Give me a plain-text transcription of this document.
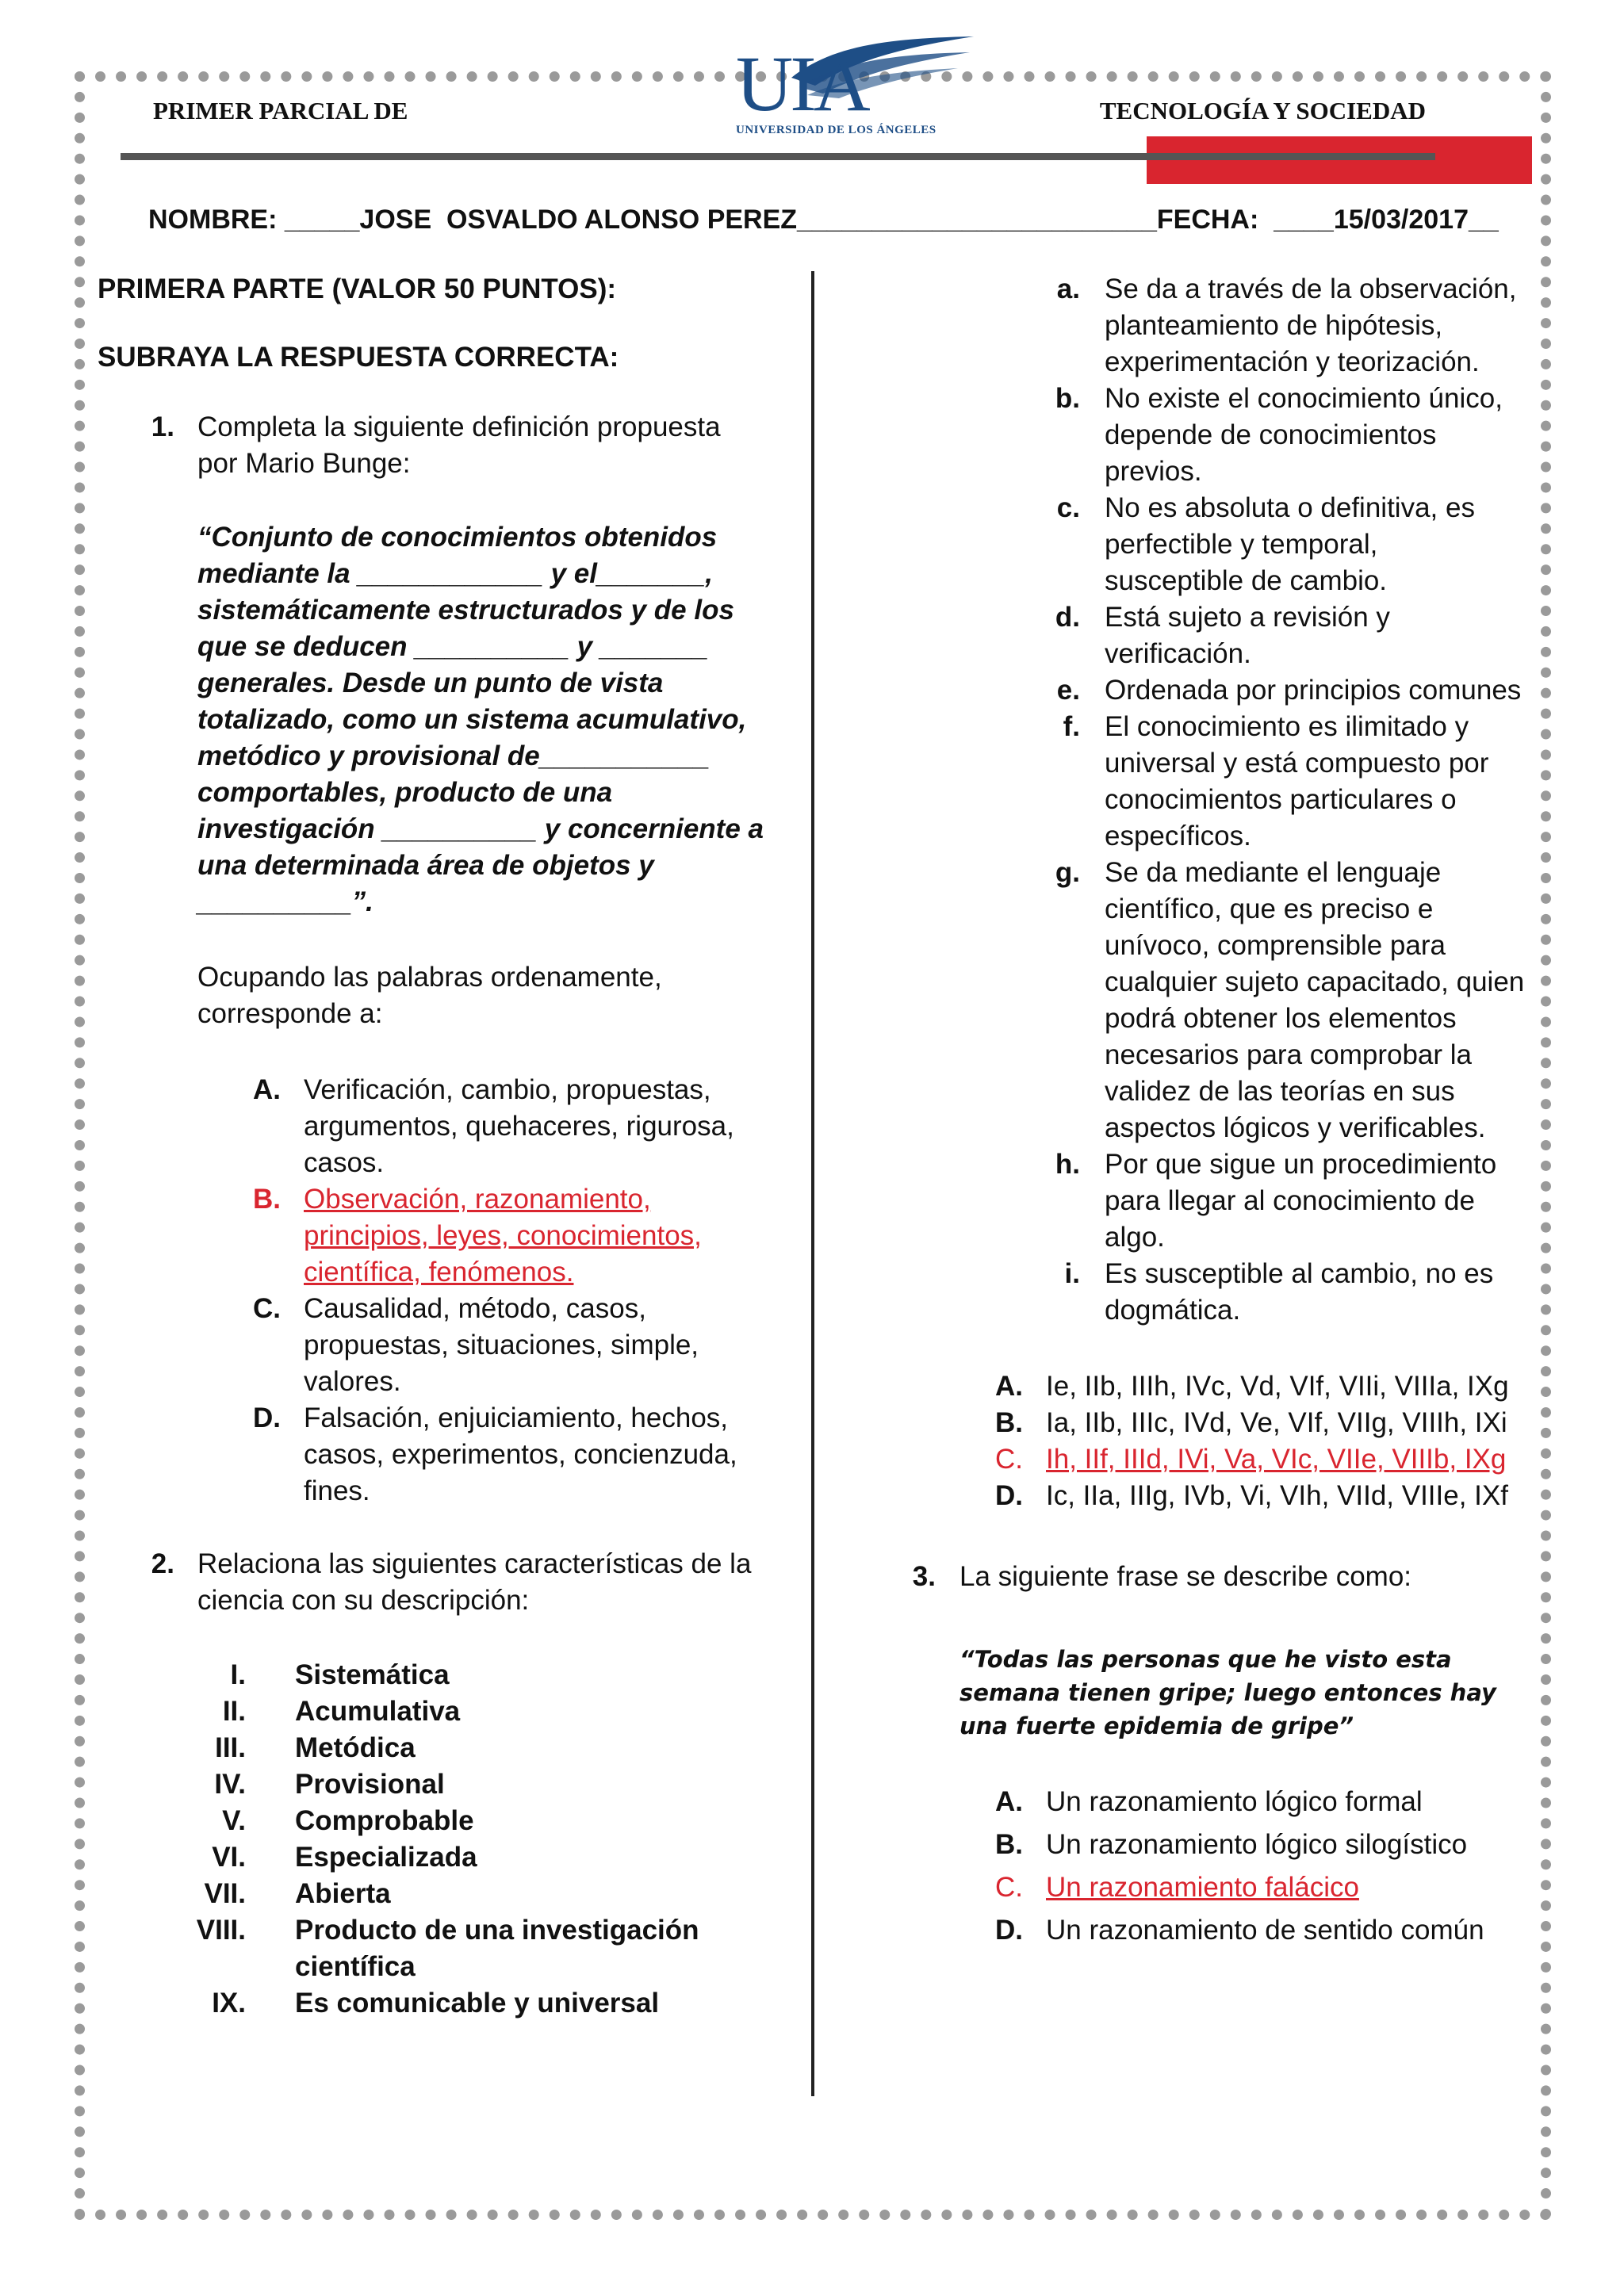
PRIMER PARCIAL DE	UIA
UNIVERSIDAD DE LOS ÁNGELES
TECNOLOGÍA Y SOCIEDAD
NOMBRE: _____JOSE  OSVALDO ALONSO PEREZ________________________FECHA:  ____15/03/2017__
PRIMERA PARTE (VALOR 50 PUNTOS):
SUBRAYA LA RESPUESTA CORRECTA:
1. Completa la siguiente definición propuesta por Mario Bunge:
“Conjunto de conocimientos obtenidos mediante la ____________ y el_______, sistemáticamente estructurados y de los que se deducen __________ y _______ generales. Desde un punto de vista totalizado, como un sistema acumulativo, metódico y provisional de___________ comportables, producto de una investigación __________ y concerniente a una determinada área de objetos y __________”.
Ocupando las palabras ordenamente, corresponde a:
A. Verificación, cambio, propuestas, argumentos, quehaceres, rigurosa, casos.
B. Observación, razonamiento, principios, leyes, conocimientos, científica, fenómenos.
C. Causalidad, método, casos, propuestas, situaciones, simple, valores.
D. Falsación, enjuiciamiento, hechos, casos, experimentos, concienzuda, fines.
2. Relaciona las siguientes características de la ciencia con su descripción:
I. Sistemática
II. Acumulativa
III. Metódica
IV. Provisional
V. Comprobable
VI. Especializada
VII. Abierta
VIII. Producto de una investigación científica
IX. Es comunicable y universal
a. Se da a través de la observación, planteamiento de hipótesis, experimentación y teorización.
b. No existe el conocimiento único, depende de conocimientos previos.
c. No es absoluta o definitiva, es perfectible y temporal, susceptible de cambio.
d. Está sujeto a revisión y verificación.
e. Ordenada por principios comunes
f. El conocimiento es ilimitado y universal y está compuesto por conocimientos particulares o específicos.
g. Se da mediante el lenguaje científico, que es preciso e unívoco, comprensible para cualquier sujeto capacitado, quien podrá obtener los elementos necesarios para comprobar la validez de las teorías en sus aspectos lógicos y verificables.
h. Por que sigue un procedimiento para llegar al conocimiento de algo.
i. Es susceptible al cambio, no es dogmática.
A. Ie, IIb, IIIh, IVc, Vd, VIf, VIIi, VIIIa, IXg
B. Ia, IIb, IIIc, IVd, Ve, VIf, VIIg, VIIIh, IXi
C. Ih, IIf, IIId, IVi, Va, VIc, VIIe, VIIIb, IXg
D. Ic, IIa, IIIg, IVb, Vi, VIh, VIId, VIIIe, IXf
3. La siguiente frase se describe como:
“Todas las personas que he visto esta semana tienen gripe; luego entonces hay una fuerte epidemia de gripe”
A. Un razonamiento lógico formal
B. Un razonamiento lógico silogístico
C. Un razonamiento falácico
D. Un razonamiento de sentido común
